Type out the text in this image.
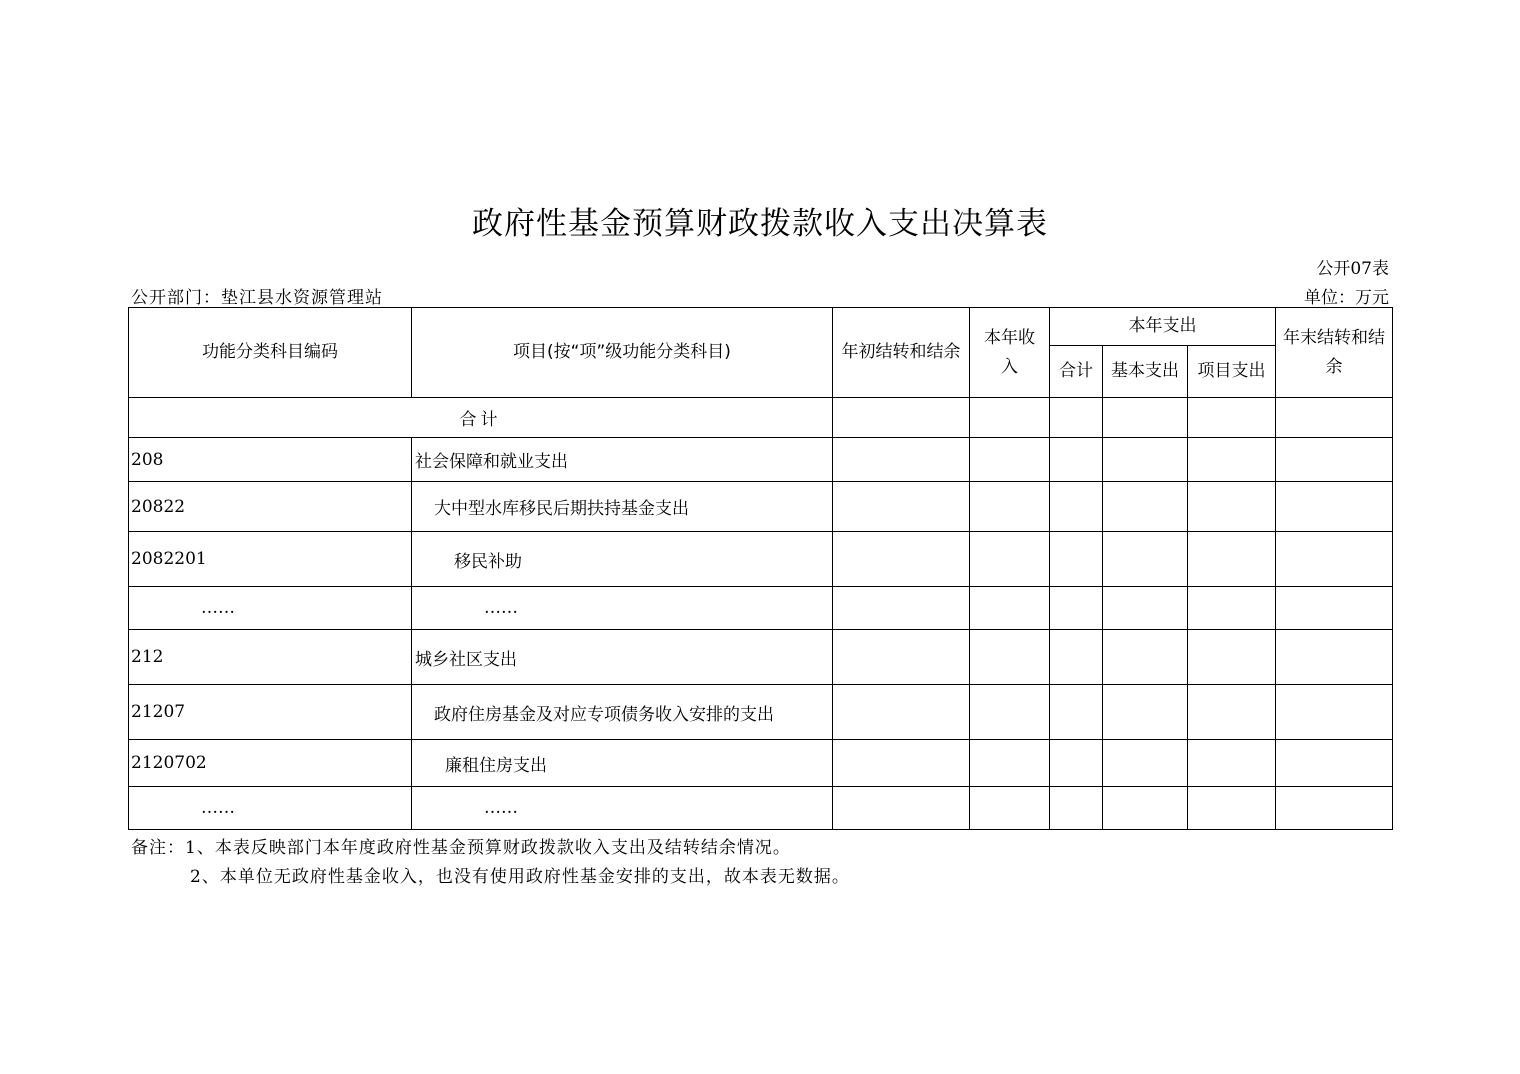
政府性基金预算财政拨款收入支出决算表
公开07表
公开部门：垫江县水资源管理站	单位：万元
功能分类科目编码	项目(按“项”级功能分类科目)	年初结转和结余	本年收入	本年支出			年末结转和结余
				合计	基本支出	项目支出	
合计							
208	社会保障和就业支出						
20822	大中型水库移民后期扶持基金支出						
2082201	移民补助						
……	……						
212	城乡社区支出						
21207	政府住房基金及对应专项债务收入安排的支出						
2120702	廉租住房支出						
……	……						
备注：1、本表反映部门本年度政府性基金预算财政拨款收入支出及结转结余情况。
2、本单位无政府性基金收入，也没有使用政府性基金安排的支出，故本表无数据。
